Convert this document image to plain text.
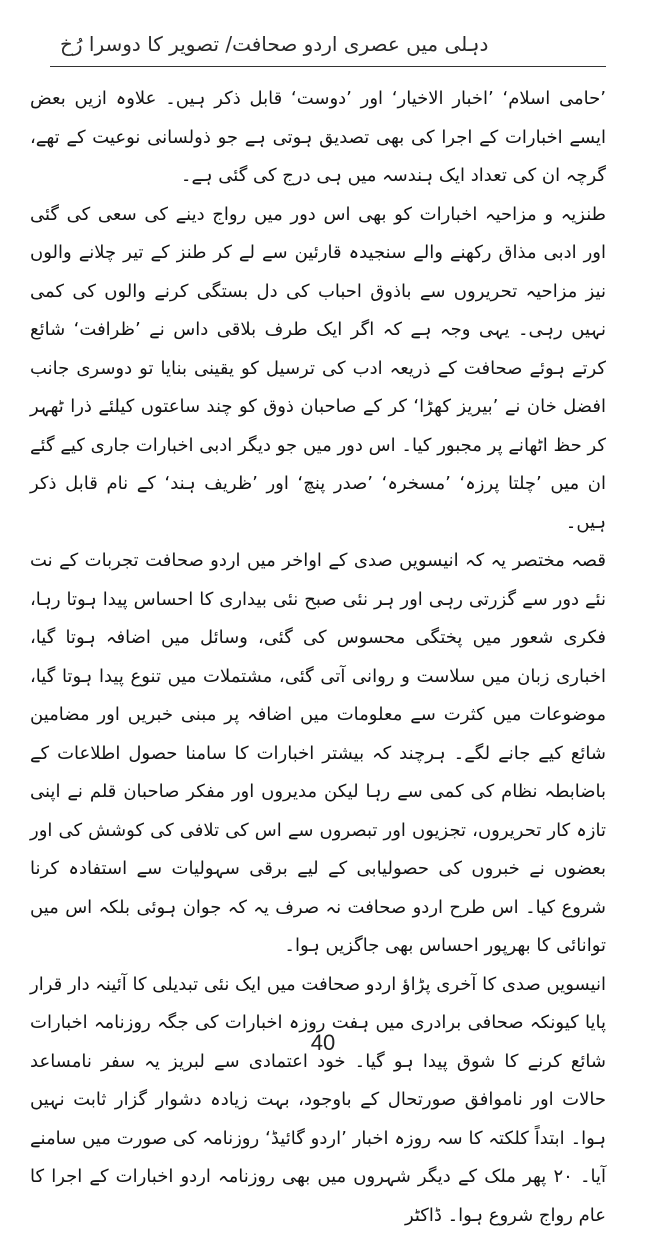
دہلی میں عصری اردو صحافت/ تصویر کا دوسرا رُخ

’حامی اسلام‘ ’اخبار الاخیار‘ اور ’دوست‘ قابل ذکر ہیں۔ علاوہ ازیں بعض ایسے اخبارات کے اجرا کی بھی تصدیق ہوتی ہے جو ذولسانی نوعیت کے تھے، گرچہ ان کی تعداد ایک ہندسہ میں ہی درج کی گئی ہے۔

طنزیہ و مزاحیہ اخبارات کو بھی اس دور میں رواج دینے کی سعی کی گئی اور ادبی مذاق رکھنے والے سنجیدہ قارئین سے لے کر طنز کے تیر چلانے والوں نیز مزاحیہ تحریروں سے باذوق احباب کی دل بستگی کرنے والوں کی کمی نہیں رہی۔ یہی وجہ ہے کہ اگر ایک طرف بلاقی داس نے ’ظرافت‘ شائع کرتے ہوئے صحافت کے ذریعہ ادب کی ترسیل کو یقینی بنایا تو دوسری جانب افضل خان نے ’بیریز کھڑا‘ کر کے صاحبان ذوق کو چند ساعتوں کیلئے ذرا ٹھہر کر حظ اٹھانے پر مجبور کیا۔ اس دور میں جو دیگر ادبی اخبارات جاری کیے گئے ان میں ’چلتا پرزہ‘ ’مسخرہ‘ ’صدر پنچ‘ اور ’ظریف ہند‘ کے نام قابل ذکر ہیں۔

قصہ مختصر یہ کہ انیسویں صدی کے اواخر میں اردو صحافت تجربات کے نت نئے دور سے گزرتی رہی اور ہر نئی صبح نئی بیداری کا احساس پیدا ہوتا رہا، فکری شعور میں پختگی محسوس کی گئی، وسائل میں اضافہ ہوتا گیا، اخباری زبان میں سلاست و روانی آتی گئی، مشتملات میں تنوع پیدا ہوتا گیا، موضوعات میں کثرت سے معلومات میں اضافہ پر مبنی خبریں اور مضامین شائع کیے جانے لگے۔ ہرچند کہ بیشتر اخبارات کا سامنا حصول اطلاعات کے باضابطہ نظام کی کمی سے رہا لیکن مدیروں اور مفکر صاحبان قلم نے اپنی تازہ کار تحریروں، تجزیوں اور تبصروں سے اس کی تلافی کی کوشش کی اور بعضوں نے خبروں کی حصولیابی کے لیے برقی سہولیات سے استفادہ کرنا شروع کیا۔ اس طرح اردو صحافت نہ صرف یہ کہ جوان ہوئی بلکہ اس میں توانائی کا بھرپور احساس بھی جاگزیں ہوا۔

انیسویں صدی کا آخری پڑاؤ اردو صحافت میں ایک نئی تبدیلی کا آئینہ دار قرار پایا کیونکہ صحافی برادری میں ہفت روزہ اخبارات کی جگہ روزنامہ اخبارات شائع کرنے کا شوق پیدا ہو گیا۔ خود اعتمادی سے لبریز یہ سفر نامساعد حالات اور ناموافق صورتحال کے باوجود، بہت زیادہ دشوار گزار ثابت نہیں ہوا۔ ابتداً کلکتہ کا سہ روزہ اخبار ’اردو گائیڈ‘ روزنامہ کی صورت میں سامنے آیا۔ ۲۰ پھر ملک کے دیگر شہروں میں بھی روزنامہ اردو اخبارات کے اجرا کا عام رواج شروع ہوا۔ ڈاکٹر

40
